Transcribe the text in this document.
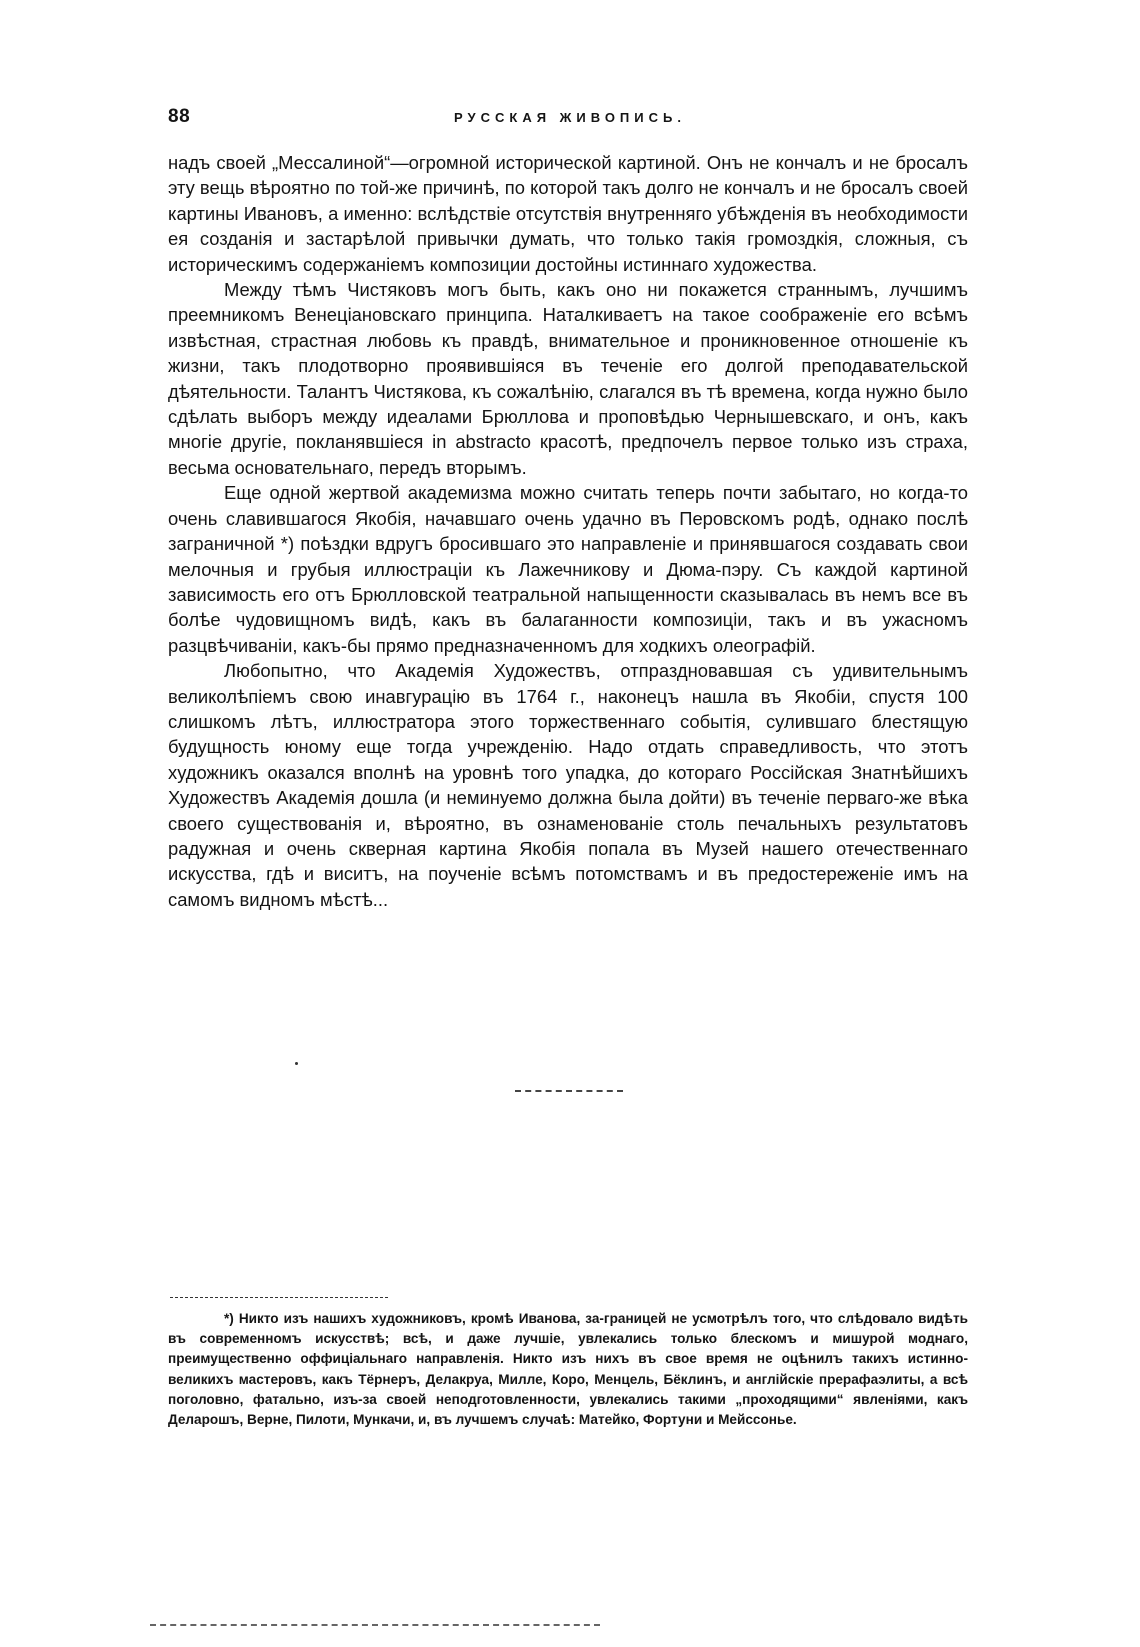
88	РУССКАЯ ЖИВОПИСЬ.

надъ своей „Мессалиной“—огромной исторической картиной. Онъ не кончалъ и не бросалъ эту вещь вѣроятно по той-же причинѣ, по которой такъ долго не кончалъ и не бросалъ своей картины Ивановъ, а именно: вслѣдствіе отсутствія внутренняго убѣжденія въ необходимости ея созданія и застарѣлой привычки думать, что только такія громоздкія, сложныя, съ историческимъ содержаніемъ композиции достойны истиннаго художества.

Между тѣмъ Чистяковъ могъ быть, какъ оно ни покажется страннымъ, лучшимъ преемникомъ Венеціановскаго принципа. Наталкиваетъ на такое соображеніе его всѣмъ извѣстная, страстная любовь къ правдѣ, внимательное и проникновенное отношеніе къ жизни, такъ плодотворно проявившіяся въ теченіе его долгой преподавательской дѣятельности. Талантъ Чистякова, къ сожалѣнію, слагался въ тѣ времена, когда нужно было сдѣлать выборъ между идеалами Брюллова и проповѣдью Чернышевскаго, и онъ, какъ многіе другіе, покланявшіеся in abstracto красотѣ, предпочелъ первое только изъ страха, весьма основательнаго, передъ вторымъ.

Еще одной жертвой академизма можно считать теперь почти забытаго, но когда-то очень славившагося Якобія, начавшаго очень удачно въ Перовскомъ родѣ, однако послѣ заграничной *) поѣздки вдругъ бросившаго это направленіе и принявшагося создавать свои мелочныя и грубыя иллюстраціи къ Лажечникову и Дюма-пэру. Съ каждой картиной зависимость его отъ Брюлловской театральной напыщенности сказывалась въ немъ все въ болѣе чудовищномъ видѣ, какъ въ балаганности композиціи, такъ и въ ужасномъ разцвѣчиваніи, какъ-бы прямо предназначенномъ для ходкихъ олеографій.

Любопытно, что Академія Художествъ, отпраздновавшая съ удивительнымъ великолѣпіемъ свою инавгурацію въ 1764 г., наконецъ нашла въ Якобіи, спустя 100 слишкомъ лѣтъ, иллюстратора этого торжественнаго событія, сулившаго блестящую будущность юному еще тогда учрежденію. Надо отдать справедливость, что этотъ художникъ оказался вполнѣ на уровнѣ того упадка, до котораго Россійская Знатнѣйшихъ Художествъ Академія дошла (и неминуемо должна была дойти) въ теченіе перваго-же вѣка своего существованія и, вѣроятно, въ ознаменованіе столь печальныхъ результатовъ радужная и очень скверная картина Якобія попала въ Музей нашего отечественнаго искусства, гдѣ и виситъ, на поученіе всѣмъ потомствамъ и въ предостереженіе имъ на самомъ видномъ мѣстѣ...

*) Никто изъ нашихъ художниковъ, кромѣ Иванова, за-границей не усмотрѣлъ того, что слѣдовало видѣть въ современномъ искусствѣ; всѣ, и даже лучшіе, увлекались только блескомъ и мишурой моднаго, преимущественно оффиціальнаго направленія. Никто изъ нихъ въ свое время не оцѣнилъ такихъ истинно-великихъ мастеровъ, какъ Тёрнеръ, Делакруа, Милле, Коро, Менцель, Бёклинъ, и англійскіе прерафаэлиты, а всѣ поголовно, фатально, изъ-за своей неподготовленности, увлекались такими „проходящими“ явленіями, какъ Деларошъ, Верне, Пилоти, Мункачи, и, въ лучшемъ случаѣ: Матейко, Фортуни и Мейссонье.
